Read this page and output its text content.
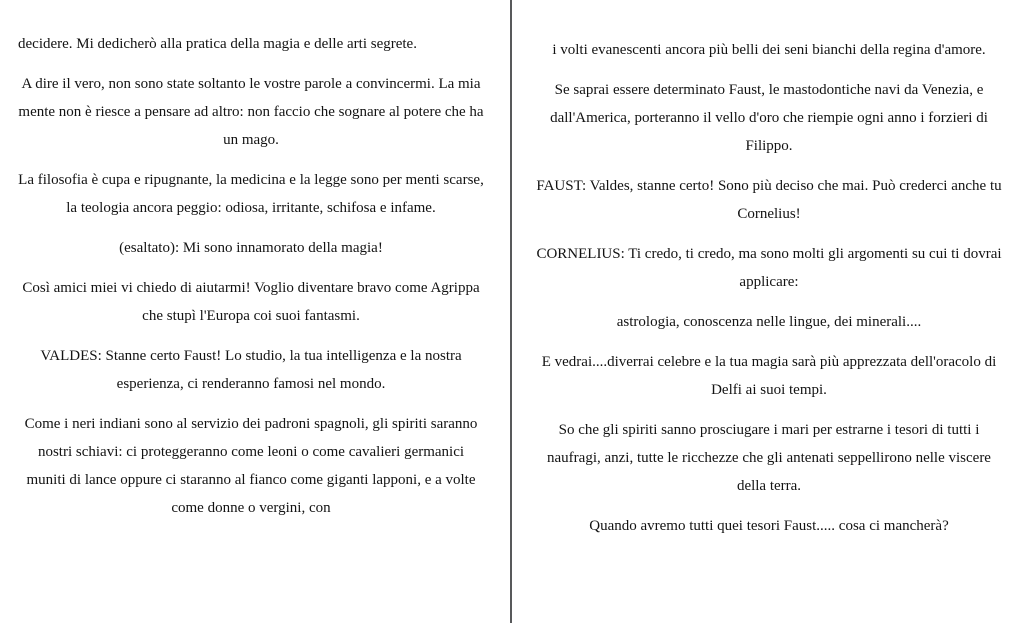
decidere. Mi dedicherò alla pratica della magia e delle arti segrete.

A dire il vero, non sono state soltanto le vostre parole a convincermi. La mia mente non è riesce a pensare ad altro: non faccio che sognare al potere che ha un mago.

La filosofia è cupa e ripugnante, la medicina e la legge sono per menti scarse, la teologia ancora peggio: odiosa, irritante, schifosa e infame.

(esaltato): Mi sono innamorato della magia!

Così amici miei vi chiedo di aiutarmi! Voglio diventare bravo come Agrippa che stupì l'Europa coi suoi fantasmi.

VALDES: Stanne certo Faust! Lo studio, la tua intelligenza e la nostra esperienza, ci renderanno famosi nel mondo.

Come i neri indiani sono al servizio dei padroni spagnoli, gli spiriti saranno nostri schiavi: ci proteggeranno come leoni o come cavalieri germanici muniti di lance oppure ci staranno al fianco come giganti lapponi, e a volte come donne o vergini, con

i volti evanescenti ancora più belli dei seni bianchi della regina d'amore.

Se saprai essere determinato Faust, le mastodontiche navi da Venezia, e dall'America, porteranno il vello d'oro che riempie ogni anno i forzieri di Filippo.

FAUST: Valdes, stanne certo! Sono più deciso che mai. Può crederci anche tu Cornelius!

CORNELIUS: Ti credo, ti credo, ma sono molti gli argomenti su cui ti dovrai applicare:

astrologia, conoscenza nelle lingue, dei minerali....

E vedrai....diverrai celebre e la tua magia sarà più apprezzata dell'oracolo di Delfi ai suoi tempi.

So che gli spiriti sanno prosciugare i mari per estrarne i tesori di tutti i naufragi, anzi, tutte le ricchezze che gli antenati seppellirono nelle viscere della terra.

Quando avremo tutti quei tesori Faust..... cosa ci mancherà?
